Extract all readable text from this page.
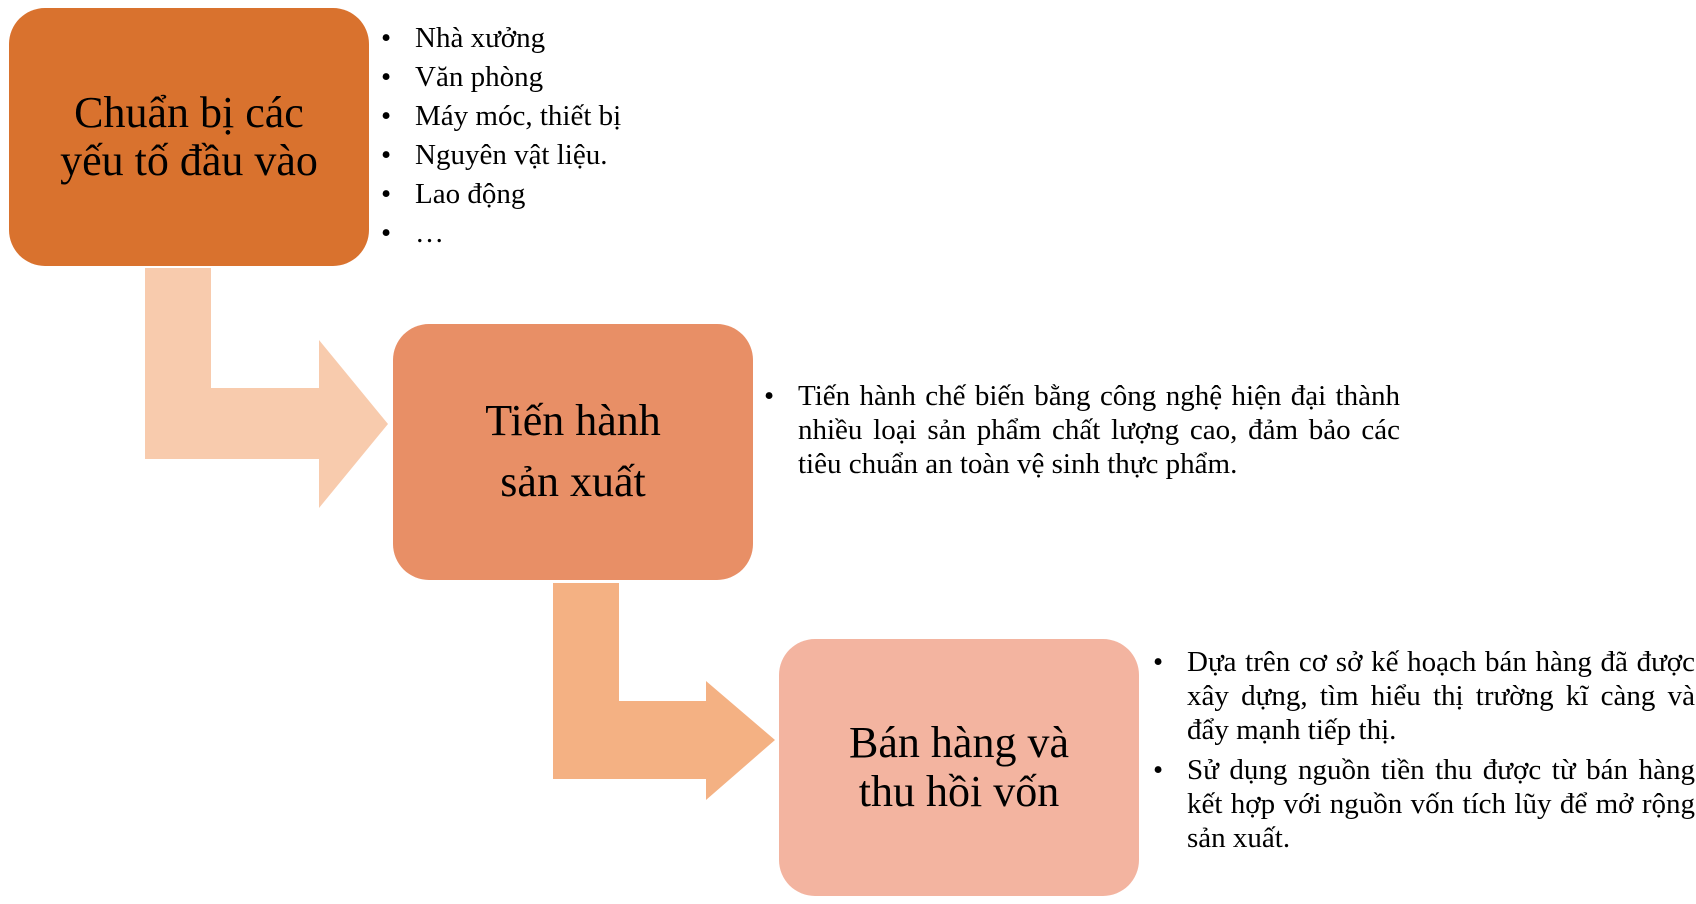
Chuẩn bị các
yếu tố đầu vào
• Nhà xưởng
• Văn phòng
• Máy móc, thiết bị
• Nguyên vật liệu.
• Lao động
• …
Tiến hành
sản xuất
• Tiến hành chế biến bằng công nghệ hiện đại thành nhiều loại sản phẩm chất lượng cao, đảm bảo các tiêu chuẩn an toàn vệ sinh thực phẩm.
Bán hàng và
thu hồi vốn
• Dựa trên cơ sở kế hoạch bán hàng đã được xây dựng, tìm hiểu thị trường kĩ càng và đẩy mạnh tiếp thị.
• Sử dụng nguồn tiền thu được từ bán hàng kết hợp với nguồn vốn tích lũy để mở rộng sản xuất.
